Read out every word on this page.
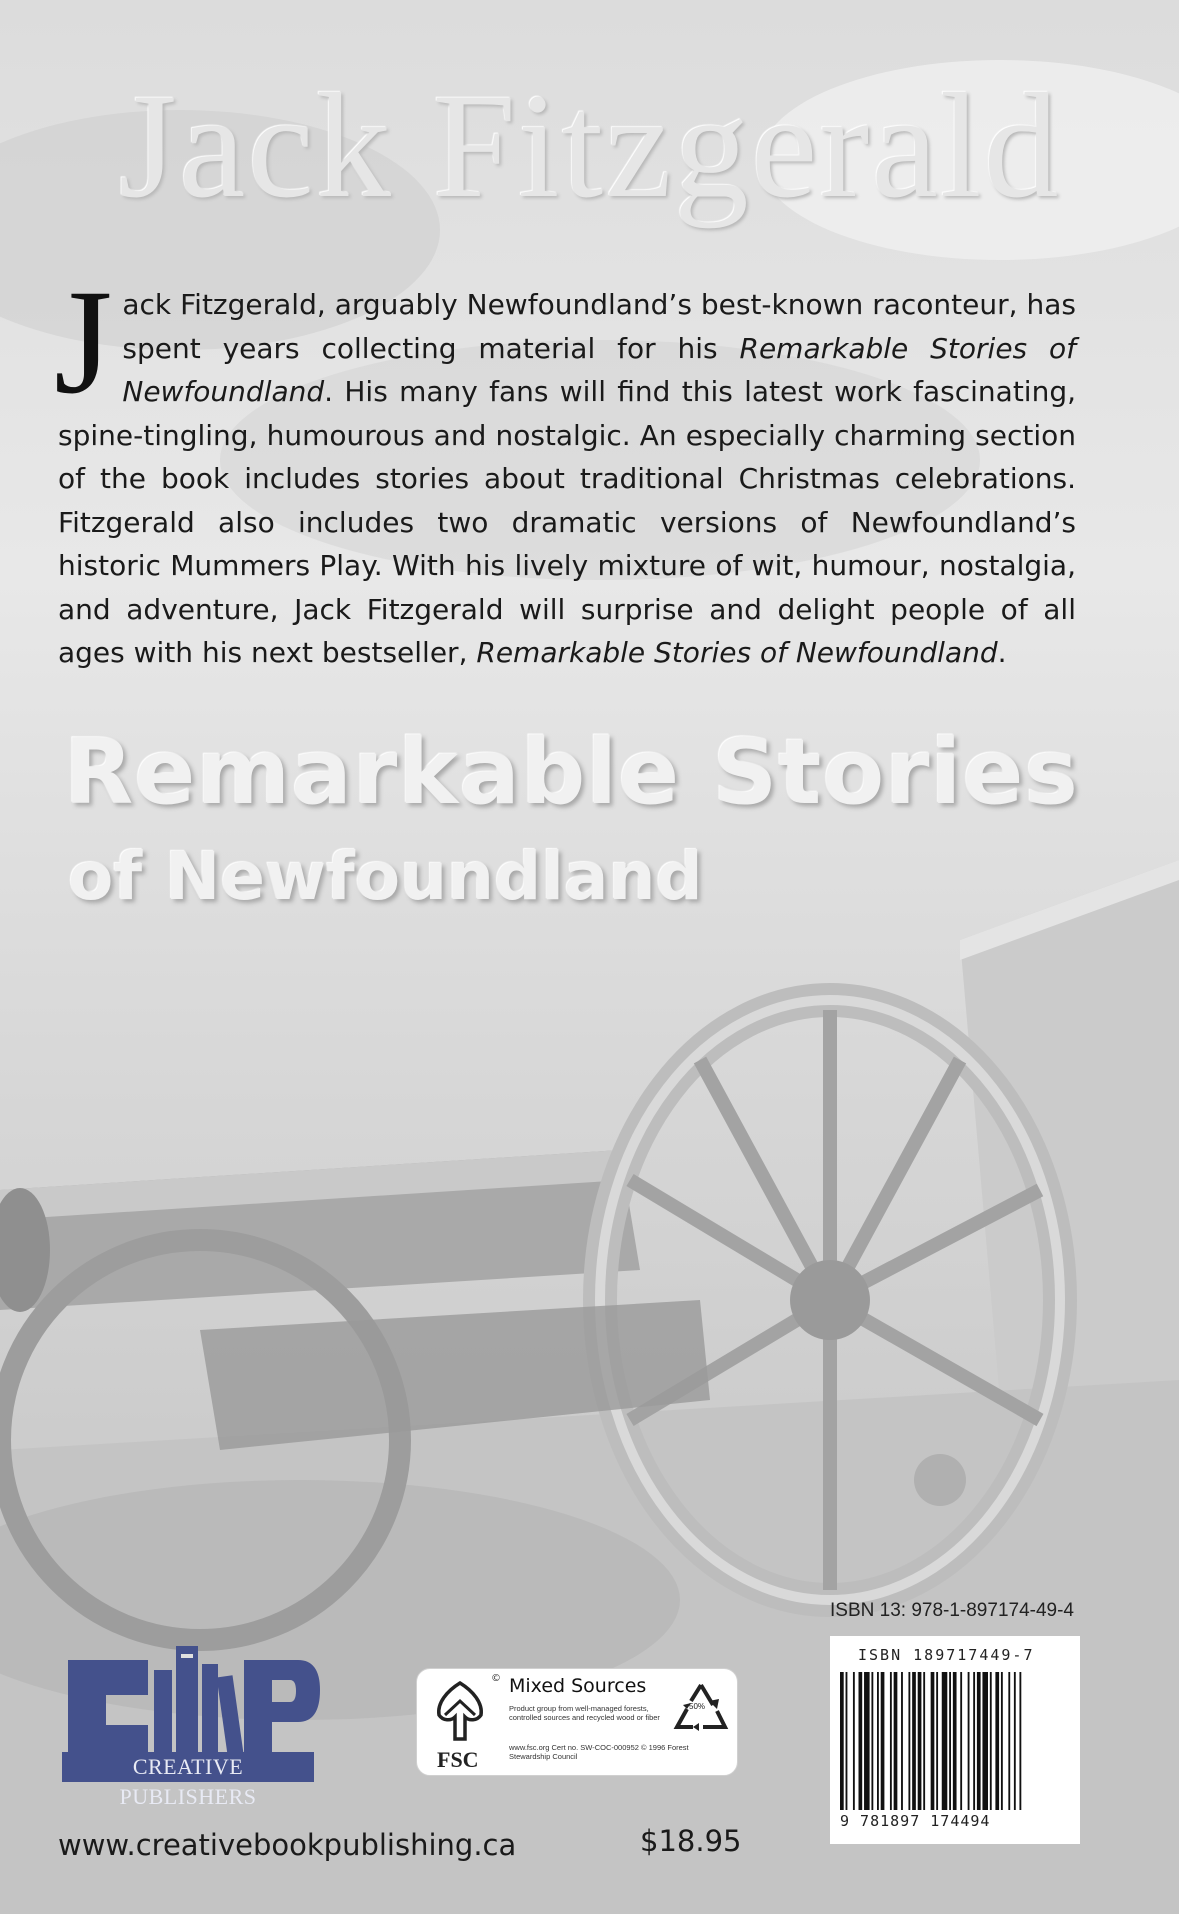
Jack Fitzgerald
Jack Fitzgerald, arguably Newfoundland’s best-known raconteur, has spent years collecting material for his Remarkable Stories of Newfoundland. His many fans will find this latest work fascinating, spine-tingling, humourous and nostalgic. An especially charming section of the book includes stories about traditional Christmas celebrations. Fitzgerald also includes two dramatic versions of Newfoundland’s historic Mummers Play. With his lively mixture of wit, humour, nostalgia, and adventure, Jack Fitzgerald will surprise and delight people of all ages with his next bestseller, Remarkable Stories of Newfoundland.
Remarkable Stories
of Newfoundland
CREATIVE PUBLISHERS
©
FSC
Mixed Sources
Product group from well-managed forests, controlled sources and recycled wood or fiber
www.fsc.org Cert no. SW-COC-000952 © 1996 Forest Stewardship Council
50%
ISBN 13: 978-1-897174-49-4
ISBN 189717449-7
9 781897 174494
www.creativebookpublishing.ca	$18.95
